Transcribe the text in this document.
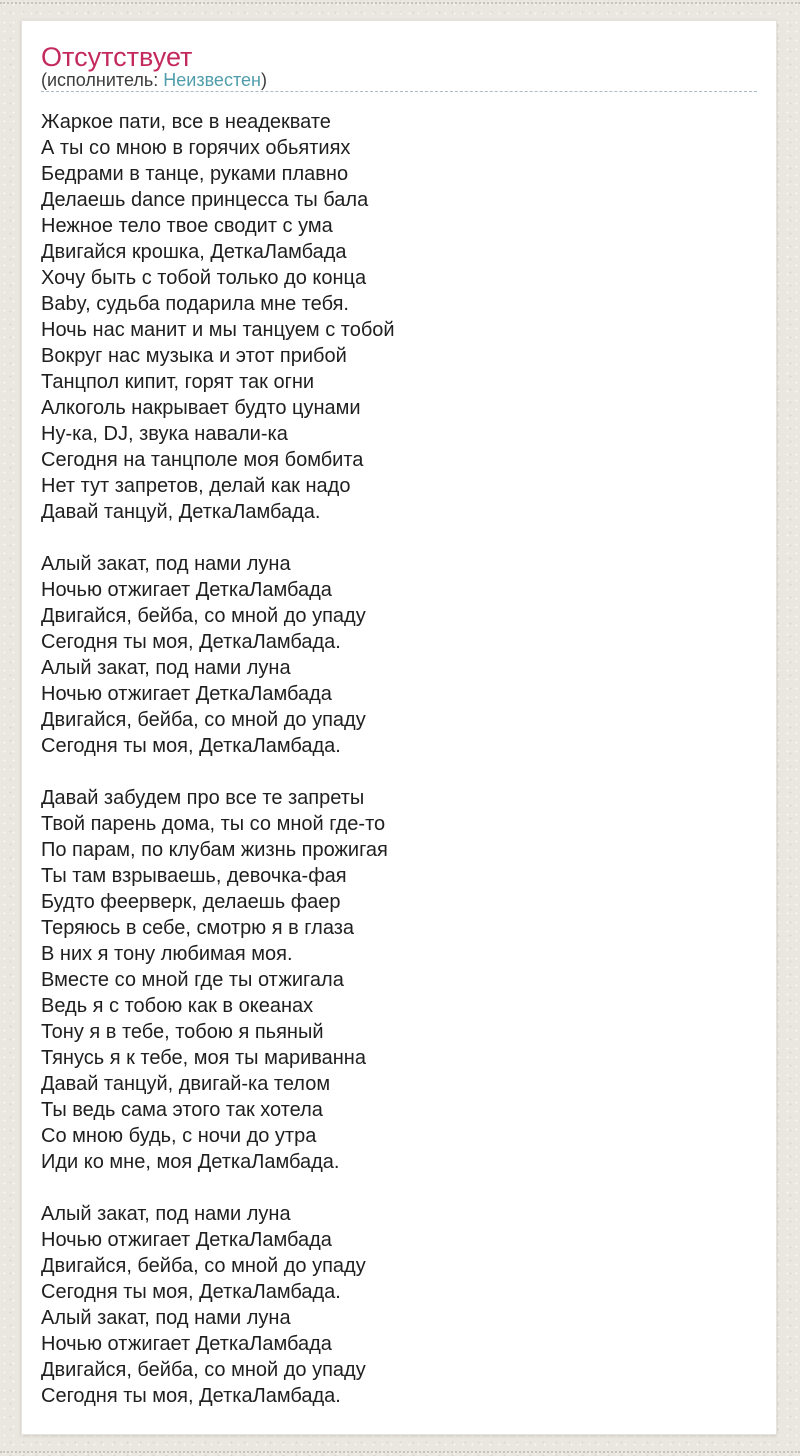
Отсутствует
(исполнитель: Неизвестен)
Жаркое пати, все в неадеквате
А ты со мною в горячих обьятиях
Бедрами в танце, руками плавно
Делаешь dance принцесса ты бала
Нежное тело твое сводит с ума
Двигайся крошка, ДеткаЛамбада
Хочу быть с тобой только до конца
Baby, судьба подарила мне тебя.
Ночь нас манит и мы танцуем с тобой
Вокруг нас музыка и этот прибой
Танцпол кипит, горят так огни
Алкоголь накрывает будто цунами
Ну-ка, DJ, звука навали-ка
Сегодня на танцполе моя бомбита
Нет тут запретов, делай как надо
Давай танцуй, ДеткаЛамбада.
Алый закат, под нами луна
Ночью отжигает ДеткаЛамбада
Двигайся, бейба, со мной до упаду
Сегодня ты моя, ДеткаЛамбада.
Алый закат, под нами луна
Ночью отжигает ДеткаЛамбада
Двигайся, бейба, со мной до упаду
Сегодня ты моя, ДеткаЛамбада.
Давай забудем про все те запреты
Твой парень дома, ты со мной где-то
По парам, по клубам жизнь прожигая
Ты там взрываешь, девочка-фая
Будто феерверк, делаешь фаер
Теряюсь в себе, смотрю я в глаза
В них я тону любимая моя.
Вместе со мной где ты отжигала
Ведь я с тобою как в океанах
Тону я в тебе, тобою я пьяный
Тянусь я к тебе, моя ты мариванна
Давай танцуй, двигай-ка телом
Ты ведь сама этого так хотела
Со мною будь, с ночи до утра
Иди ко мне, моя ДеткаЛамбада.
Алый закат, под нами луна
Ночью отжигает ДеткаЛамбада
Двигайся, бейба, со мной до упаду
Сегодня ты моя, ДеткаЛамбада.
Алый закат, под нами луна
Ночью отжигает ДеткаЛамбада
Двигайся, бейба, со мной до упаду
Сегодня ты моя, ДеткаЛамбада.
